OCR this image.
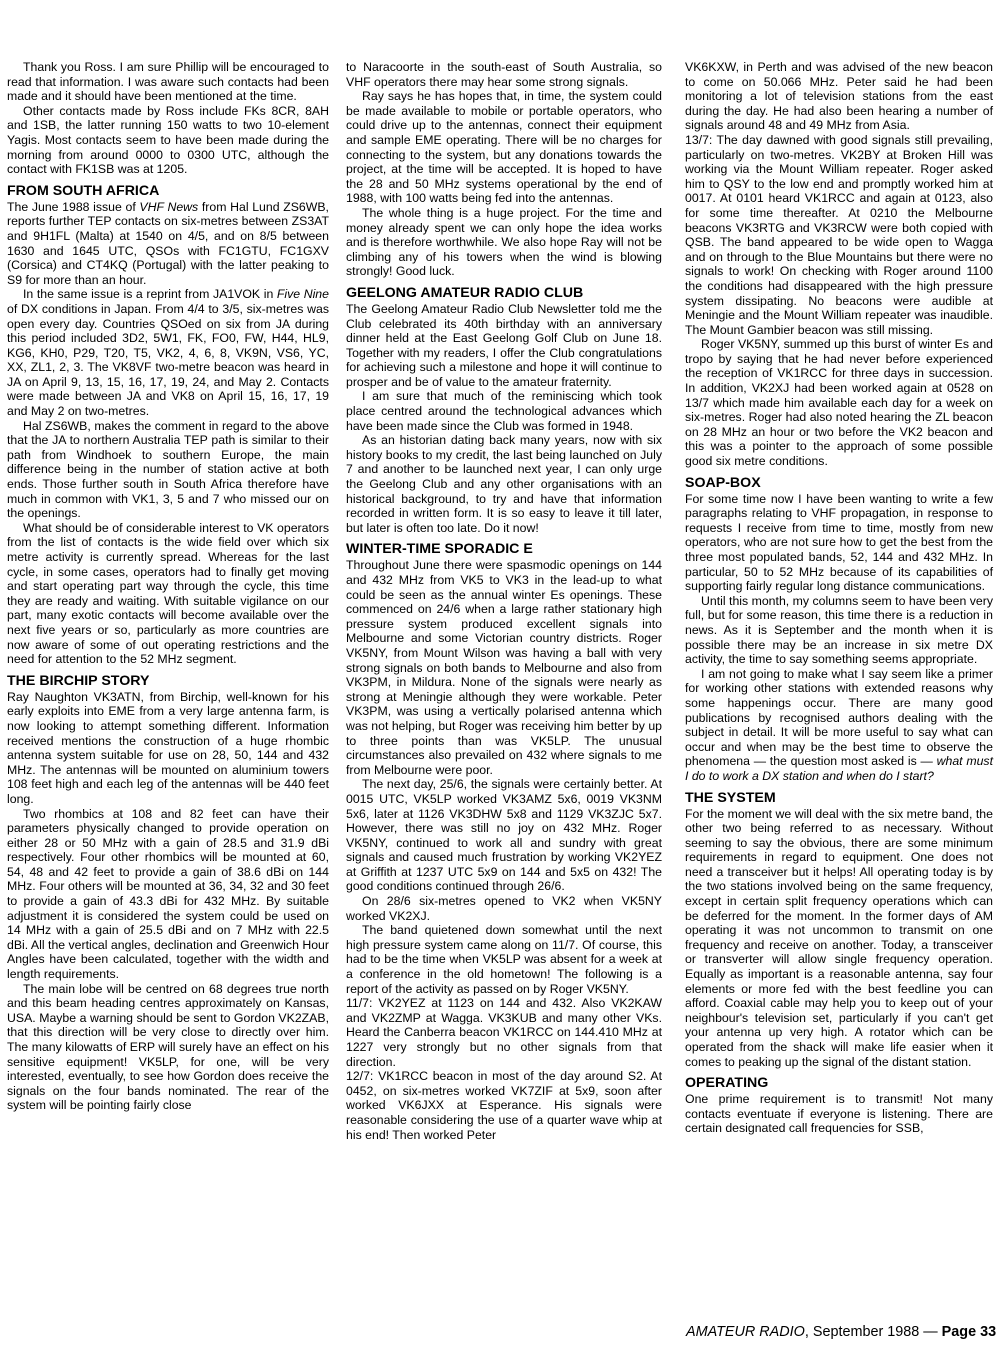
Thank you Ross. I am sure Phillip will be encouraged to read that information. I was aware such contacts had been made and it should have been mentioned at the time.

Other contacts made by Ross include FKs 8CR, 8AH and 1SB, the latter running 150 watts to two 10-element Yagis. Most contacts seem to have been made during the morning from around 0000 to 0300 UTC, although the contact with FK1SB was at 1205.

FROM SOUTH AFRICA

The June 1988 issue of VHF News from Hal Lund ZS6WB, reports further TEP contacts on six-metres between ZS3AT and 9H1FL (Malta) at 1540 on 4/5, and on 8/5 between 1630 and 1645 UTC, QSOs with FC1GTU, FC1GXV (Corsica) and CT4KQ (Portugal) with the latter peaking to S9 for more than an hour.

In the same issue is a reprint from JA1VOK in Five Nine of DX conditions in Japan. From 4/4 to 3/5, six-metres was open every day. Countries QSOed on six from JA during this period included 3D2, 5W1, FK, FO0, FW, H44, HL9, KG6, KH0, P29, T20, T5, VK2, 4, 6, 8, VK9N, VS6, YC, XX, ZL1, 2, 3. The VK8VF two-metre beacon was heard in JA on April 9, 13, 15, 16, 17, 19, 24, and May 2. Contacts were made between JA and VK8 on April 15, 16, 17, 19 and May 2 on two-metres.

Hal ZS6WB, makes the comment in regard to the above that the JA to northern Australia TEP path is similar to their path from Windhoek to southern Europe, the main difference being in the number of station active at both ends. Those further south in South Africa therefore have much in common with VK1, 3, 5 and 7 who missed our on the openings.

What should be of considerable interest to VK operators from the list of contacts is the wide field over which six metre activity is currently spread. Whereas for the last cycle, in some cases, operators had to finally get moving and start operating part way through the cycle, this time they are ready and waiting. With suitable vigilance on our part, many exotic contacts will become available over the next five years or so, particularly as more countries are now aware of some of out operating restrictions and the need for attention to the 52 MHz segment.

THE BIRCHIP STORY

Ray Naughton VK3ATN, from Birchip, well-known for his early exploits into EME from a very large antenna farm, is now looking to attempt something different. Information received mentions the construction of a huge rhombic antenna system suitable for use on 28, 50, 144 and 432 MHz. The antennas will be mounted on aluminium towers 108 feet high and each leg of the antennas will be 440 feet long.

Two rhombics at 108 and 82 feet can have their parameters physically changed to provide operation on either 28 or 50 MHz with a gain of 28.5 and 31.9 dBi respectively. Four other rhombics will be mounted at 60, 54, 48 and 42 feet to provide a gain of 38.6 dBi on 144 MHz. Four others will be mounted at 36, 34, 32 and 30 feet to provide a gain of 43.3 dBi for 432 MHz. By suitable adjustment it is considered the system could be used on 14 MHz with a gain of 25.5 dBi and on 7 MHz with 22.5 dBi. All the vertical angles, declination and Greenwich Hour Angles have been calculated, together with the width and length requirements.

The main lobe will be centred on 68 degrees true north and this beam heading centres approximately on Kansas, USA. Maybe a warning should be sent to Gordon VK2ZAB, that this direction will be very close to directly over him. The many kilowatts of ERP will surely have an effect on his sensitive equipment! VK5LP, for one, will be very interested, eventually, to see how Gordon does receive the signals on the four bands nominated. The rear of the system will be pointing fairly close

to Naracoorte in the south-east of South Australia, so VHF operators there may hear some strong signals.

Ray says he has hopes that, in time, the system could be made available to mobile or portable operators, who could drive up to the antennas, connect their equipment and sample EME operating. There will be no charges for connecting to the system, but any donations towards the project, at the time will be accepted. It is hoped to have the 28 and 50 MHz systems operational by the end of 1988, with 100 watts being fed into the antennas.

The whole thing is a huge project. For the time and money already spent we can only hope the idea works and is therefore worthwhile. We also hope Ray will not be climbing any of his towers when the wind is blowing strongly! Good luck.

GEELONG AMATEUR RADIO CLUB

The Geelong Amateur Radio Club Newsletter told me the Club celebrated its 40th birthday with an anniversary dinner held at the East Geelong Golf Club on June 18. Together with my readers, I offer the Club congratulations for achieving such a milestone and hope it will continue to prosper and be of value to the amateur fraternity.

I am sure that much of the reminiscing which took place centred around the technological advances which have been made since the Club was formed in 1948.

As an historian dating back many years, now with six history books to my credit, the last being launched on July 7 and another to be launched next year, I can only urge the Geelong Club and any other organisations with an historical background, to try and have that information recorded in written form. It is so easy to leave it till later, but later is often too late. Do it now!

WINTER-TIME SPORADIC E

Throughout June there were spasmodic openings on 144 and 432 MHz from VK5 to VK3 in the lead-up to what could be seen as the annual winter Es openings. These commenced on 24/6 when a large rather stationary high pressure system produced excellent signals into Melbourne and some Victorian country districts. Roger VK5NY, from Mount Wilson was having a ball with very strong signals on both bands to Melbourne and also from VK3PM, in Mildura. None of the signals were nearly as strong at Meningie although they were workable. Peter VK3PM, was using a vertically polarised antenna which was not helping, but Roger was receiving him better by up to three points than was VK5LP. The unusual circumstances also prevailed on 432 where signals to me from Melbourne were poor.

The next day, 25/6, the signals were certainly better. At 0015 UTC, VK5LP worked VK3AMZ 5x6, 0019 VK3NM 5x6, later at 1126 VK3DHW 5x8 and 1129 VK3ZJC 5x7. However, there was still no joy on 432 MHz. Roger VK5NY, continued to work all and sundry with great signals and caused much frustration by working VK2YEZ at Griffith at 1237 UTC 5x9 on 144 and 5x5 on 432! The good conditions continued through 26/6.

On 28/6 six-metres opened to VK2 when VK5NY worked VK2XJ.

The band quietened down somewhat until the next high pressure system came along on 11/7. Of course, this had to be the time when VK5LP was absent for a week at a conference in the old hometown! The following is a report of the activity as passed on by Roger VK5NY.

11/7: VK2YEZ at 1123 on 144 and 432. Also VK2KAW and VK2ZMP at Wagga. VK3KUB and many other VKs. Heard the Canberra beacon VK1RCC on 144.410 MHz at 1227 very strongly but no other signals from that direction.

12/7: VK1RCC beacon in most of the day around S2. At 0452, on six-metres worked VK7ZIF at 5x9, soon after worked VK6JXX at Esperance. His signals were reasonable considering the use of a quarter wave whip at his end! Then worked Peter

VK6KXW, in Perth and was advised of the new beacon to come on 50.066 MHz. Peter said he had been monitoring a lot of television stations from the east during the day. He had also been hearing a number of signals around 48 and 49 MHz from Asia.

13/7: The day dawned with good signals still prevailing, particularly on two-metres. VK2BY at Broken Hill was working via the Mount William repeater. Roger asked him to QSY to the low end and promptly worked him at 0017. At 0101 heard VK1RCC and again at 0123, also for some time thereafter. At 0210 the Melbourne beacons VK3RTG and VK3RCW were both copied with QSB. The band appeared to be wide open to Wagga and on through to the Blue Mountains but there were no signals to work! On checking with Roger around 1100 the conditions had disappeared with the high pressure system dissipating. No beacons were audible at Meningie and the Mount William repeater was inaudible. The Mount Gambier beacon was still missing.

Roger VK5NY, summed up this burst of winter Es and tropo by saying that he had never before experienced the reception of VK1RCC for three days in succession. In addition, VK2XJ had been worked again at 0528 on 13/7 which made him available each day for a week on six-metres. Roger had also noted hearing the ZL beacon on 28 MHz an hour or two before the VK2 beacon and this was a pointer to the approach of some possible good six metre conditions.

SOAP-BOX

For some time now I have been wanting to write a few paragraphs relating to VHF propagation, in response to requests I receive from time to time, mostly from new operators, who are not sure how to get the best from the three most populated bands, 52, 144 and 432 MHz. In particular, 50 to 52 MHz because of its capabilities of supporting fairly regular long distance communications.

Until this month, my columns seem to have been very full, but for some reason, this time there is a reduction in news. As it is September and the month when it is possible there may be an increase in six metre DX activity, the time to say something seems appropriate.

I am not going to make what I say seem like a primer for working other stations with extended reasons why some happenings occur. There are many good publications by recognised authors dealing with the subject in detail. It will be more useful to say what can occur and when may be the best time to observe the phenomena — the question most asked is — what must I do to work a DX station and when do I start?

THE SYSTEM

For the moment we will deal with the six metre band, the other two being referred to as necessary. Without seeming to say the obvious, there are some minimum requirements in regard to equipment. One does not need a transceiver but it helps! All operating today is by the two stations involved being on the same frequency, except in certain split frequency operations which can be deferred for the moment. In the former days of AM operating it was not uncommon to transmit on one frequency and receive on another. Today, a transceiver or transverter will allow single frequency operation. Equally as important is a reasonable antenna, say four elements or more fed with the best feedline you can afford. Coaxial cable may help you to keep out of your neighbour's television set, particularly if you can't get your antenna up very high. A rotator which can be operated from the shack will make life easier when it comes to peaking up the signal of the distant station.

OPERATING

One prime requirement is to transmit! Not many contacts eventuate if everyone is listening. There are certain designated call frequencies for SSB,

AMATEUR RADIO, September 1988 — Page 33
